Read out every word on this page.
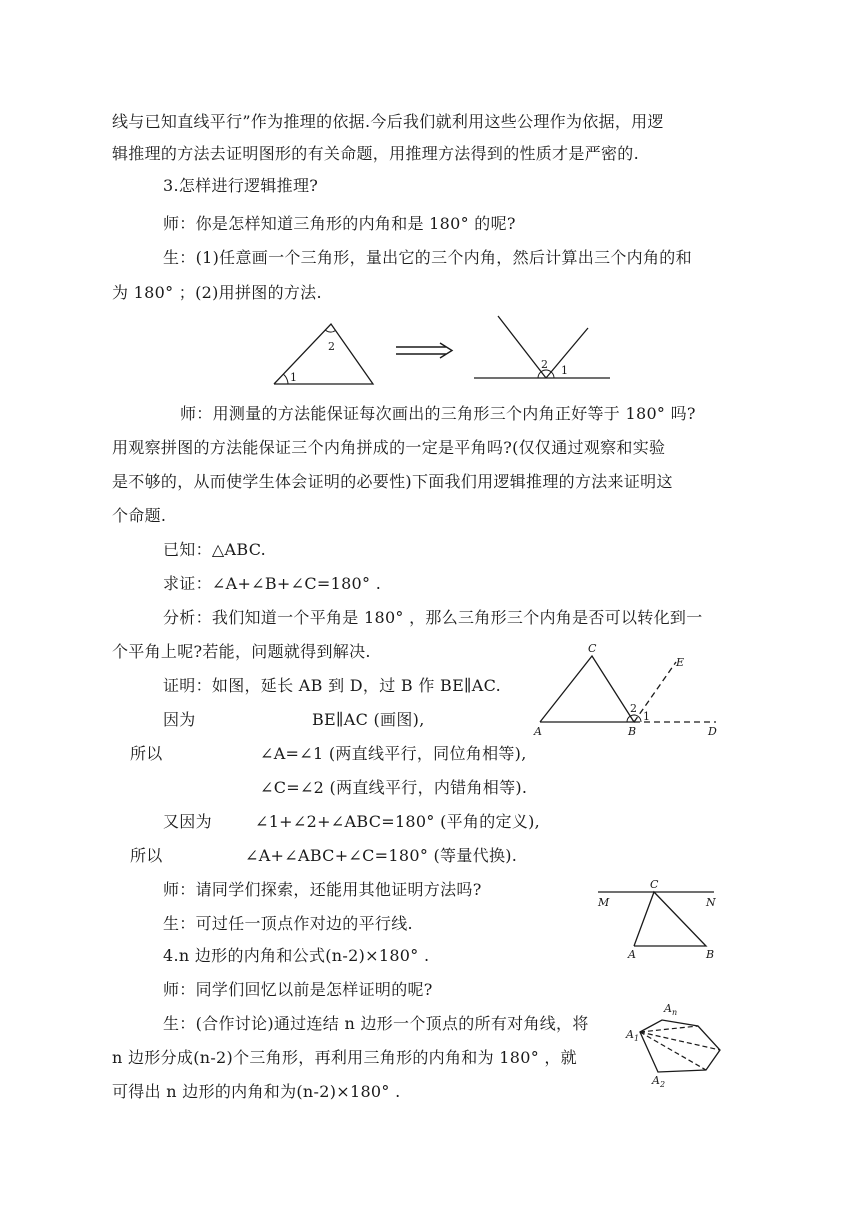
线与已知直线平行”作为推理的依据.今后我们就利用这些公理作为依据，用逻
辑推理的方法去证明图形的有关命题，用推理方法得到的性质才是严密的.
3.怎样进行逻辑推理?
师：你是怎样知道三角形的内角和是 180° 的呢?
生：(1)任意画一个三角形，量出它的三个内角，然后计算出三个内角的和
为 180° ；(2)用拼图的方法.
1
2
2 1
师：用测量的方法能保证每次画出的三角形三个内角正好等于 180° 吗?
用观察拼图的方法能保证三个内角拼成的一定是平角吗?(仅仅通过观察和实验
是不够的，从而使学生体会证明的必要性)下面我们用逻辑推理的方法来证明这
个命题.
已知：△ABC.
求证：∠A+∠B+∠C=180° .
分析：我们知道一个平角是 180° ，那么三角形三个内角是否可以转化到一
个平角上呢?若能，问题就得到解决.	C
E
A	B	D
2
1
证明：如图，延长 AB 到 D，过 B 作 BE∥AC.
因为	BE∥AC (画图),
所以	∠A=∠1 (两直线平行，同位角相等),
∠C=∠2 (两直线平行，内错角相等).
又因为	∠1+∠2+∠ABC=180° (平角的定义),
所以	∠A+∠ABC+∠C=180° (等量代换).
师：请同学们探索，还能用其他证明方法吗?	C
M	N
A	B
生：可过任一顶点作对边的平行线.
4.n 边形的内角和公式(n-2)×180° .
师：同学们回忆以前是怎样证明的呢?
$A_n$
$A_1$
$A_2$
生：(合作讨论)通过连结 n 边形一个顶点的所有对角线，将
n 边形分成(n-2)个三角形，再利用三角形的内角和为 180° ，就
可得出 n 边形的内角和为(n-2)×180° .
